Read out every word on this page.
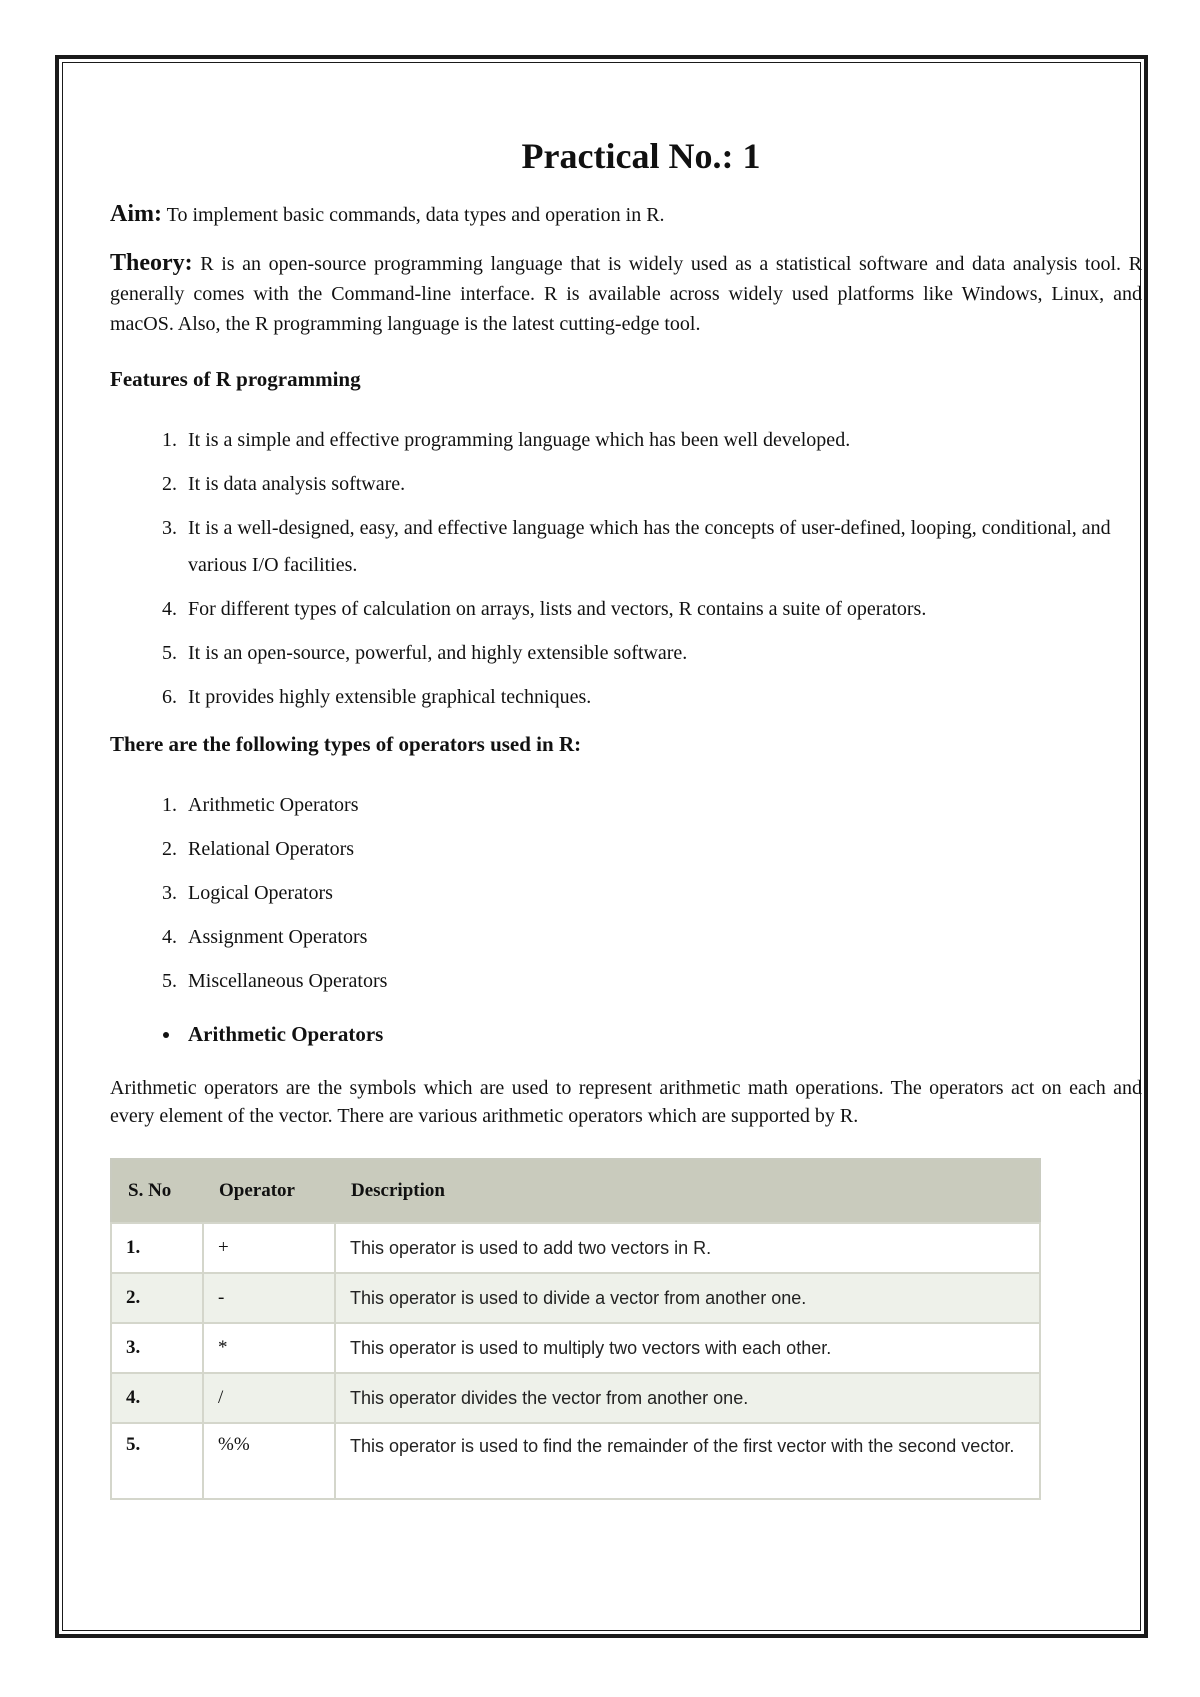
Practical No.: 1

Aim: To implement basic commands, data types and operation in R.

Theory: R is an open-source programming language that is widely used as a statistical software and data analysis tool. R generally comes with the Command-line interface. R is available across widely used platforms like Windows, Linux, and macOS. Also, the R programming language is the latest cutting-edge tool.

Features of R programming

1. It is a simple and effective programming language which has been well developed.
2. It is data analysis software.
3. It is a well-designed, easy, and effective language which has the concepts of user-defined, looping, conditional, and various I/O facilities.
4. For different types of calculation on arrays, lists and vectors, R contains a suite of operators.
5. It is an open-source, powerful, and highly extensible software.
6. It provides highly extensible graphical techniques.

There are the following types of operators used in R:

1. Arithmetic Operators
2. Relational Operators
3. Logical Operators
4. Assignment Operators
5. Miscellaneous Operators
• Arithmetic Operators

Arithmetic operators are the symbols which are used to represent arithmetic math operations. The operators act on each and every element of the vector. There are various arithmetic operators which are supported by R.

S. No	Operator	Description
1.	+	This operator is used to add two vectors in R.
2.	-	This operator is used to divide a vector from another one.
3.	*	This operator is used to multiply two vectors with each other.
4.	/	This operator divides the vector from another one.
5.	%%	This operator is used to find the remainder of the first vector with the second vector.
